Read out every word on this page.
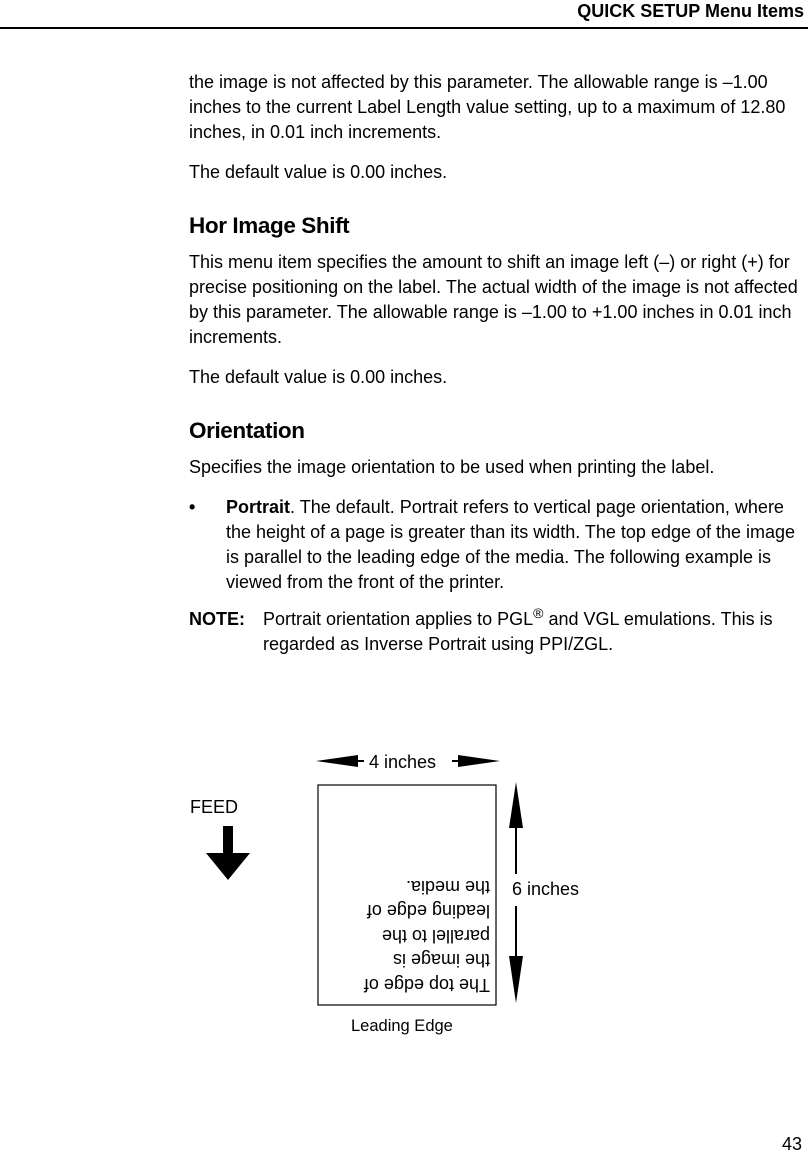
QUICK SETUP Menu Items

the image is not affected by this parameter. The allowable range is –1.00 inches to the current Label Length value setting, up to a maximum of 12.80 inches, in 0.01 inch increments.

The default value is 0.00 inches.

Hor Image Shift

This menu item specifies the amount to shift an image left (–) or right (+) for precise positioning on the label. The actual width of the image is not affected by this parameter. The allowable range is –1.00 to +1.00 inches in 0.01 inch increments.

The default value is 0.00 inches.

Orientation

Specifies the image orientation to be used when printing the label.

•	Portrait. The default. Portrait refers to vertical page orientation, where the height of a page is greater than its width. The top edge of the image is parallel to the leading edge of the media. The following example is viewed from the front of the printer.
NOTE:	Portrait orientation applies to PGL® and VGL emulations. This is regarded as Inverse Portrait using PPI/ZGL.
4 inches
FEED
6 inches
Leading Edge
The top edge of
the image is
parallel to the
leading edge of
the media.
43
